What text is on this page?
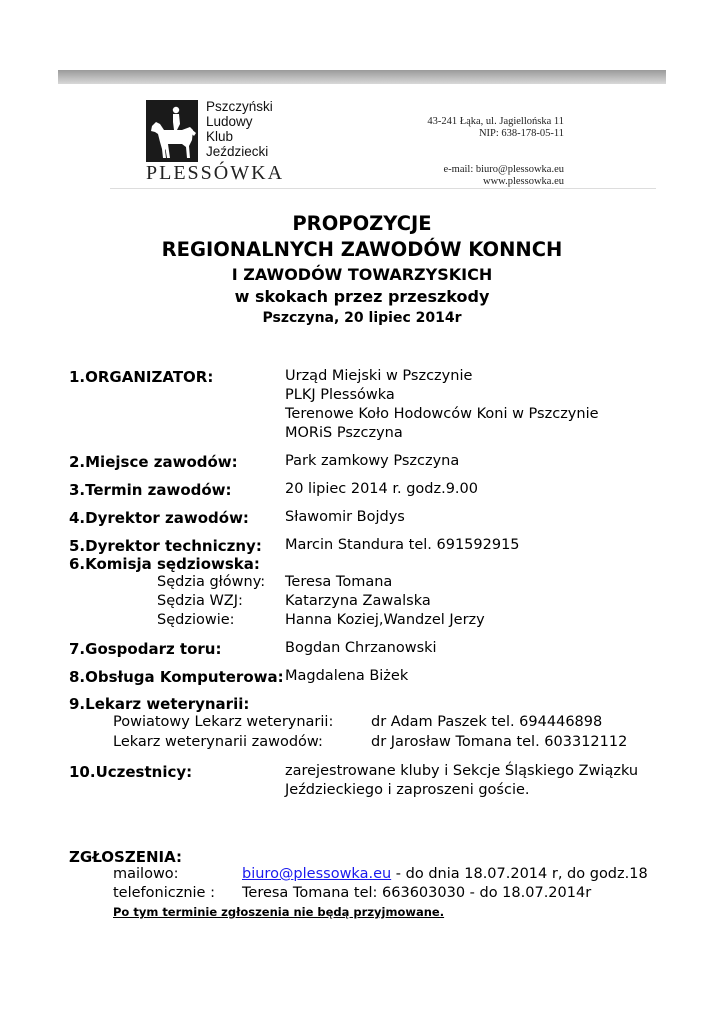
Pszczyński
Ludowy
Klub
Jeździecki
PLESSÓWKA
43-241 Łąka, ul. Jagiellońska 11
NIP: 638-178-05-11
e-mail: biuro@plessowka.eu
www.plessowka.eu
PROPOZYCJE
REGIONALNYCH ZAWODÓW KONNCH
I ZAWODÓW TOWARZYSKICH
w skokach przez przeszkody
Pszczyna, 20 lipiec 2014r
1.ORGANIZATOR:	Urząd Miejski w Pszczynie
PLKJ Plessówka
Terenowe Koło Hodowców Koni w Pszczynie
MORiS Pszczyna
2.Miejsce zawodów:	Park zamkowy Pszczyna
3.Termin zawodów:	20 lipiec 2014 r. godz.9.00
4.Dyrektor zawodów: Sławomir Bojdys
5.Dyrektor techniczny: Marcin Standura tel. 691592915
6.Komisja sędziowska:
Sędzia główny: Teresa Tomana
Sędzia WZJ:	Katarzyna Zawalska
Sędziowie:	Hanna Koziej,Wandzel Jerzy
7.Gospodarz toru:	Bogdan Chrzanowski
8.Obsługa Komputerowa: Magdalena Biżek
9.Lekarz weterynarii:
Powiatowy Lekarz weterynarii:	dr Adam Paszek tel. 694446898
Lekarz weterynarii zawodów:	dr Jarosław Tomana tel. 603312112
10.Uczestnicy:	zarejestrowane kluby i Sekcje Śląskiego Związku
Jeździeckiego i zaproszeni goście.
ZGŁOSZENIA:
mailowo:	biuro@plessowka.eu - do dnia 18.07.2014 r, do godz.18
telefonicznie : Teresa Tomana tel: 663603030 - do 18.07.2014r
Po tym terminie zgłoszenia nie będą przyjmowane.
